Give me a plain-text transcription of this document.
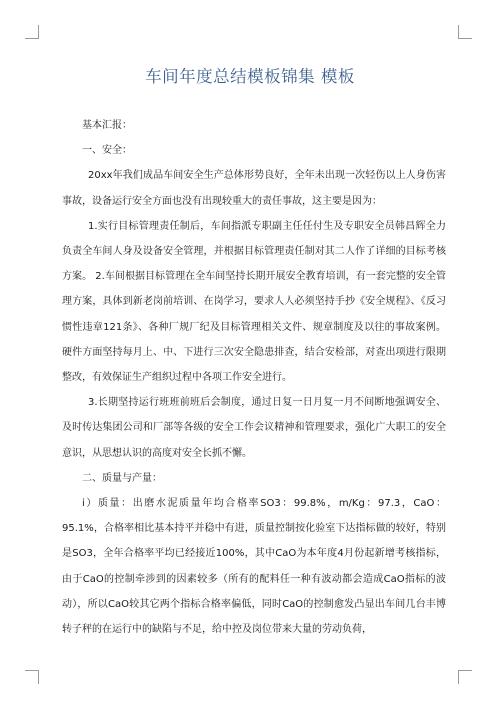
车间年度总结模板锦集 模板

基本汇报：

一、安全：

20xx年我们成品车间安全生产总体形势良好，全年未出现一次轻伤以上人身伤害事故，设备运行安全方面也没有出现较重大的责任事故，这主要是因为：

1.实行目标管理责任制后，车间指派专职副主任任付生及专职安全员韩昌辉全力负责全车间人身及设备安全管理，并根据目标管理责任制对其二人作了详细的目标考核方案。 2.车间根据目标管理在全车间坚持长期开展安全教育培训，有一套完整的安全管理方案，具体到新老岗前培训、在岗学习，要求人人必须坚持手抄《安全规程》、《反习惯性违章121条》、各种厂规厂纪及目标管理相关文件、规章制度及以往的事故案例。硬件方面坚持每月上、中、下进行三次安全隐患排查，结合安检部，对查出项进行限期整改，有效保证生产组织过程中各项工作安全进行。

3.长期坚持运行班班前班后会制度，通过日复一日月复一月不间断地强调安全、及时传达集团公司和厂部等各级的安全工作会议精神和管理要求，强化广大职工的安全意识，从思想认识的高度对安全长抓不懈。

二、质量与产量：

i）质量：出磨水泥质量年均合格率SO3：99.8%，m/Kg：97.3，CaO：95.1%，合格率相比基本持平并稳中有进，质量控制按化验室下达指标做的较好，特别是SO3，全年合格率平均已经接近100%，其中CaO为本年度4月份起新增考核指标，由于CaO的控制牵涉到的因素较多（所有的配料任一种有波动都会造成CaO指标的波动），所以CaO较其它两个指标合格率偏低，同时CaO的控制愈发凸显出车间几台丰博转子秤的在运行中的缺陷与不足，给中控及岗位带来大量的劳动负荷，
